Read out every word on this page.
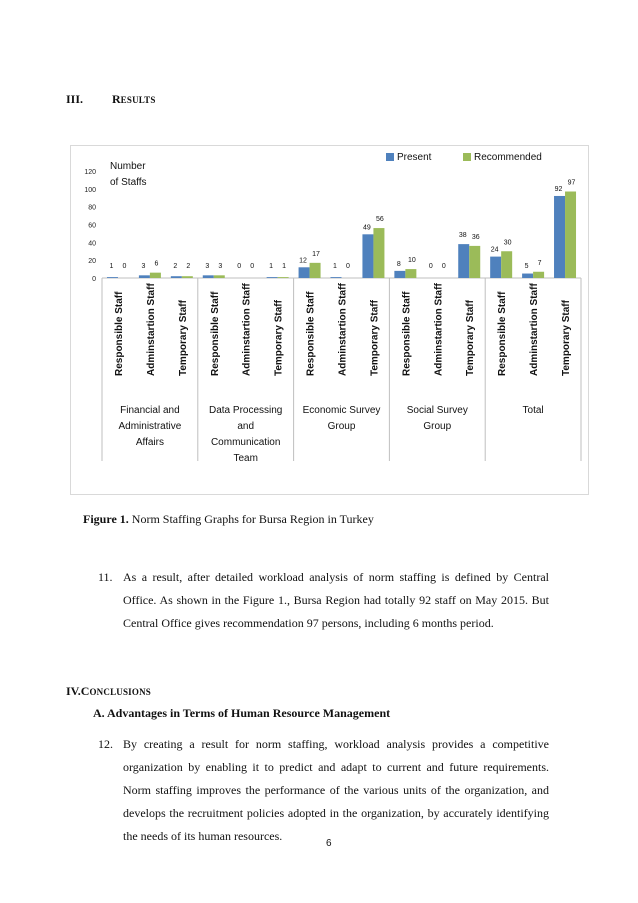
III. RESULTS
0
20
40
60
80
100
120
Number
of Staffs
Present	Recommended
1 0
Responsible Staff
3 6
Adminstartion Staff
2 2
Temporary Staff
3 3
Responsible Staff
0 0
Adminstartion Staff
1 1
Temporary Staff
12
17
Responsible Staff
1 0
Adminstartion Staff
49
56
Temporary Staff
8
10
Responsible Staff
0 0
Adminstartion Staff
38 36
Temporary Staff
24
30
Responsible Staff
5 7
Adminstartion Staff
92
97
Temporary Staff
Financial and
Administrative
Affairs
Data Processing
and
Communication
Team
Economic Survey
Group
Social Survey
Group
Total
Figure 1. Norm Staffing Graphs for Bursa Region in Turkey
11. As a result, after detailed workload analysis of norm staffing is defined by Central Office. As shown in the Figure 1., Bursa Region had totally 92 staff on May 2015. But Central Office gives recommendation 97 persons, including 6 months period.
IV.CONCLUSIONS
A. Advantages in Terms of Human Resource Management
12. By creating a result for norm staffing, workload analysis provides a competitive organization by enabling it to predict and adapt to current and future requirements. Norm staffing improves the performance of the various units of the organization, and develops the recruitment policies adopted in the organization, by accurately identifying the needs of its human resources.
6
